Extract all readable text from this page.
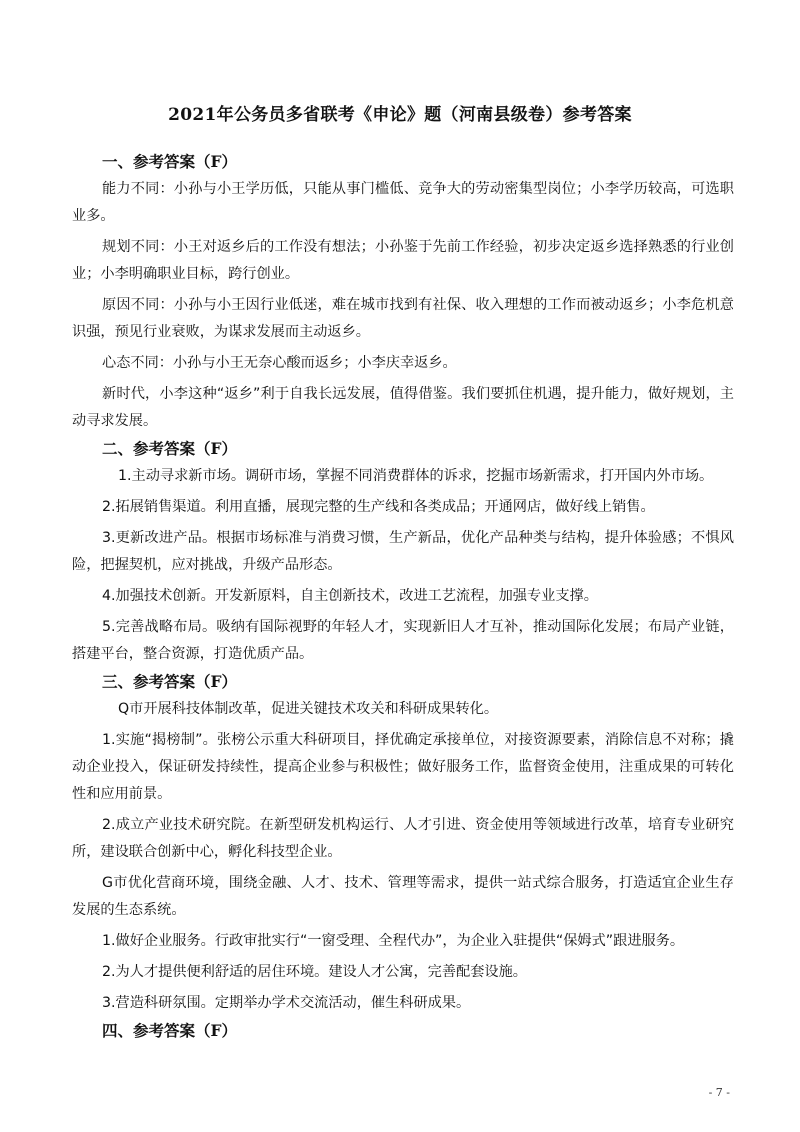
2021年公务员多省联考《申论》题（河南县级卷）参考答案
一、参考答案（F）

能力不同：小孙与小王学历低，只能从事门槛低、竞争大的劳动密集型岗位；小李学历较高，可选职业多。

规划不同：小王对返乡后的工作没有想法；小孙鉴于先前工作经验，初步决定返乡选择熟悉的行业创业；小李明确职业目标，跨行创业。

原因不同：小孙与小王因行业低迷，难在城市找到有社保、收入理想的工作而被动返乡；小李危机意识强，预见行业衰败，为谋求发展而主动返乡。

心态不同：小孙与小王无奈心酸而返乡；小李庆幸返乡。

新时代，小李这种“返乡”利于自我长远发展，值得借鉴。我们要抓住机遇，提升能力，做好规划，主动寻求发展。

二、参考答案（F）

1.主动寻求新市场。调研市场，掌握不同消费群体的诉求，挖掘市场新需求，打开国内外市场。

2.拓展销售渠道。利用直播，展现完整的生产线和各类成品；开通网店，做好线上销售。

3.更新改进产品。根据市场标准与消费习惯，生产新品，优化产品种类与结构，提升体验感；不惧风险，把握契机，应对挑战，升级产品形态。

4.加强技术创新。开发新原料，自主创新技术，改进工艺流程，加强专业支撑。

5.完善战略布局。吸纳有国际视野的年轻人才，实现新旧人才互补，推动国际化发展；布局产业链，搭建平台，整合资源，打造优质产品。

三、参考答案（F）

Q市开展科技体制改革，促进关键技术攻关和科研成果转化。

1.实施“揭榜制”。张榜公示重大科研项目，择优确定承接单位，对接资源要素，消除信息不对称；撬动企业投入，保证研发持续性，提高企业参与积极性；做好服务工作，监督资金使用，注重成果的可转化性和应用前景。

2.成立产业技术研究院。在新型研发机构运行、人才引进、资金使用等领域进行改革，培育专业研究所，建设联合创新中心，孵化科技型企业。

G市优化营商环境，围绕金融、人才、技术、管理等需求，提供一站式综合服务，打造适宜企业生存发展的生态系统。

1.做好企业服务。行政审批实行“一窗受理、全程代办”，为企业入驻提供“保姆式”跟进服务。

2.为人才提供便利舒适的居住环境。建设人才公寓，完善配套设施。

3.营造科研氛围。定期举办学术交流活动，催生科研成果。

四、参考答案（F）
- 7 -
